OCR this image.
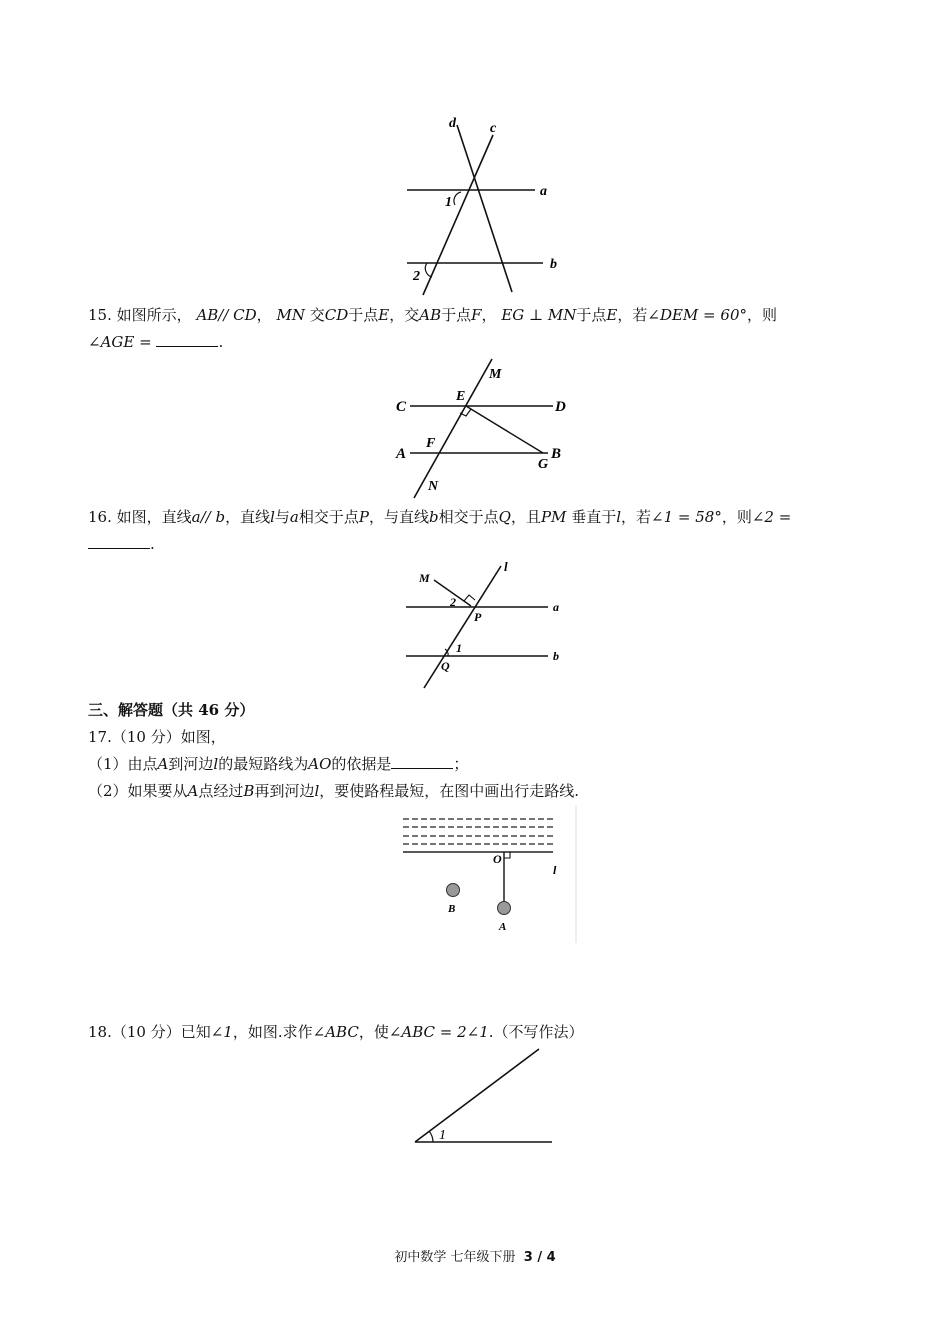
d c
a
b
1
2

15. 如图所示， AB// CD， MN 交CD于点E，交AB于点F， EG ⊥ MN于点E，若∠DEM = 60°，则

∠AGE =	.

M
C
E
D
A
F
G
B
N

16. 如图，直线a// b，直线l与a相交于点P，与直线b相交于点Q，且PM 垂直于l，若∠1 = 58°，则∠2 =

.

l
M
2
P
a
1
Q
b
三、解答题（共 46 分）

17.（10 分）如图，

（1）由点A到河边l的最短路线为AO的依据是	；

（2）如果要从A点经过B再到河边l，要使路程最短，在图中画出行走路线.

O
l
B
A

18.（10 分）已知∠1，如图.求作∠ABC，使∠ABC = 2∠1.（不写作法）

1
初中数学 七年级下册 3 / 4
